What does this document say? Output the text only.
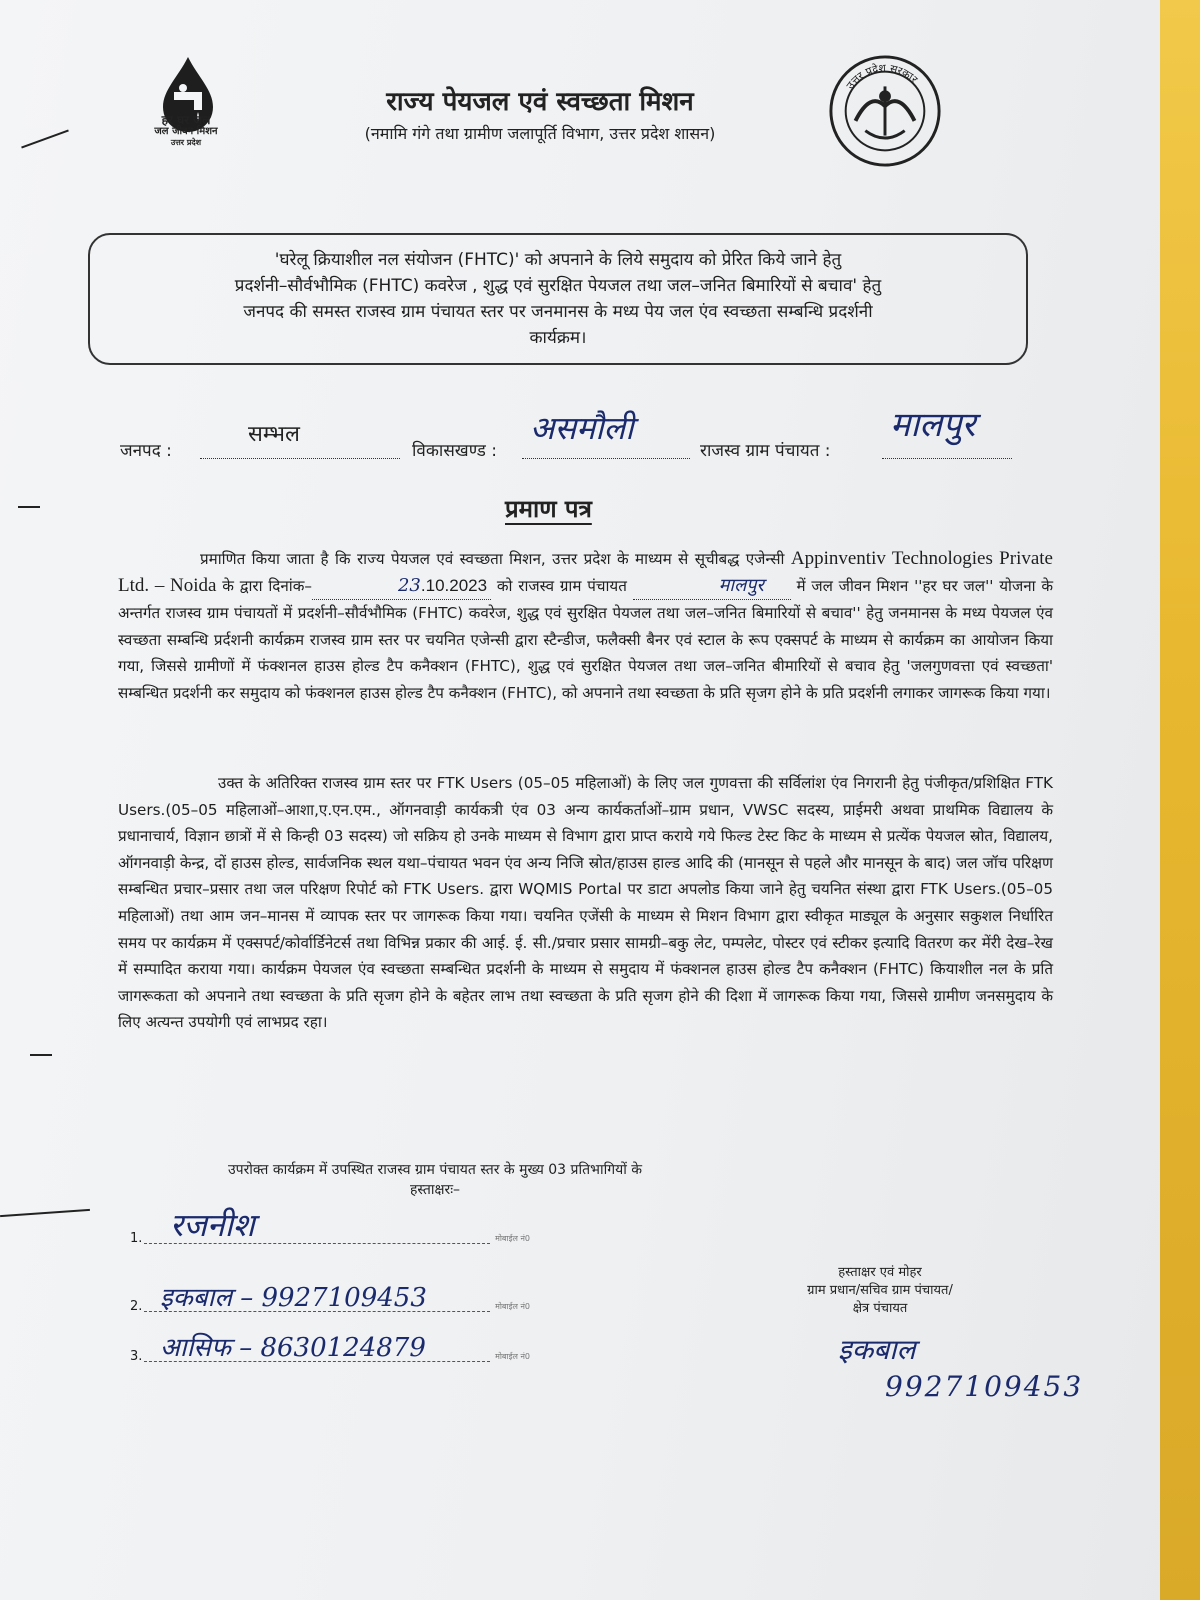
हर घर जल
जल जीवन मिशन
उत्तर प्रदेश
राज्य पेयजल एवं स्वच्छता मिशन
(नमामि गंगे तथा ग्रामीण जलापूर्ति विभाग, उत्तर प्रदेश शासन)
उत्तर प्रदेश सरकार
'घरेलू क्रियाशील नल संयोजन (FHTC)' को अपनाने के लिये समुदाय को प्रेरित किये जाने हेतु
प्रदर्शनी–सौर्वभौमिक (FHTC) कवरेज , शुद्ध एवं सुरक्षित पेयजल तथा जल–जनित बिमारियों से बचाव' हेतु
जनपद की समस्त राजस्व ग्राम पंचायत स्तर पर जनमानस के मध्य पेय जल एंव स्वच्छता सम्बन्धि प्रदर्शनी
कार्यक्रम।
जनपद :
सम्भल
विकासखण्ड :
असमौली
राजस्व ग्राम पंचायत :
मालपुर
प्रमाण पत्र
प्रमाणित किया जाता है कि राज्य पेयजल एवं स्वच्छता मिशन, उत्तर प्रदेश के माध्यम से सूचीबद्ध एजेन्सी Appinventiv Technologies Private Ltd. – Noida के द्वारा दिनांक–	23.10.2023 को राजस्व ग्राम पंचायत	मालपुर में जल जीवन मिशन ''हर घर जल'' योजना के अन्तर्गत राजस्व ग्राम पंचायतों में प्रदर्शनी–सौर्वभौमिक (FHTC) कवरेज, शुद्ध एवं सुरक्षित पेयजल तथा जल–जनित बिमारियों से बचाव'' हेतु जनमानस के मध्य पेयजल एंव स्वच्छता सम्बन्धि प्रर्दशनी कार्यक्रम राजस्व ग्राम स्तर पर चयनित एजेन्सी द्वारा स्टैन्डीज, फलैक्सी बैनर एवं स्टाल के रूप एक्सपर्ट के माध्यम से कार्यक्रम का आयोजन किया गया, जिससे ग्रामीणों में फंक्शनल हाउस होल्ड टैप कनैक्शन (FHTC), शुद्ध एवं सुरक्षित पेयजल तथा जल–जनित बीमारियों से बचाव हेतु 'जलगुणवत्ता एवं स्वच्छता' सम्बन्धित प्रदर्शनी कर समुदाय को फंक्शनल हाउस होल्ड टैप कनैक्शन (FHTC), को अपनाने तथा स्वच्छता के प्रति सृजग होने के प्रति प्रदर्शनी लगाकर जागरूक किया गया।
उक्त के अतिरिक्त राजस्व ग्राम स्तर पर FTK Users (05–05 महिलाओं) के लिए जल गुणवत्ता की सर्विलांश एंव निगरानी हेतु पंजीकृत/प्रशिक्षित FTK Users.(05–05 महिलाओं–आशा,ए.एन.एम., ऑगनवाड़ी कार्यकत्री एंव 03 अन्य कार्यकर्ताओं–ग्राम प्रधान, VWSC सदस्य, प्राईमरी अथवा प्राथमिक विद्यालय के प्रधानाचार्य, विज्ञान छात्रों में से किन्ही 03 सदस्य) जो सक्रिय हो उनके माध्यम से विभाग द्वारा प्राप्त कराये गये फिल्ड टेस्ट किट के माध्यम से प्रत्येंक पेयजल स्रोत, विद्यालय, ऑगनवाड़ी केन्द्र, दों हाउस होल्ड, सार्वजनिक स्थल यथा–पंचायत भवन एंव अन्य निजि स्रोत/हाउस हाल्ड आदि की (मानसून से पहले और मानसून के बाद) जल जॉच परिक्षण सम्बन्धित प्रचार–प्रसार तथा जल परिक्षण रिपोर्ट को FTK Users. द्वारा WQMIS Portal पर डाटा अपलोड किया जाने हेतु चयनित संस्था द्वारा FTK Users.(05–05 महिलाओं) तथा आम जन–मानस में व्यापक स्तर पर जागरूक किया गया। चयनित एजेंसी के माध्यम से मिशन विभाग द्वारा स्वीकृत माड्यूल के अनुसार सकुशल निर्धारित समय पर कार्यक्रम में एक्सपर्ट/कोर्वार्डिनेटर्स तथा विभिन्न प्रकार की आई. ई. सी./प्रचार प्रसार सामग्री–बकु लेट, पम्पलेट, पोस्टर एवं स्टीकर इत्यादि वितरण कर मेंरी देख–रेख में सम्पादित कराया गया। कार्यक्रम पेयजल एंव स्वच्छता सम्बन्धित प्रदर्शनी के माध्यम से समुदाय में फंक्शनल हाउस होल्ड टैप कनैक्शन (FHTC) कियाशील नल के प्रति जागरूकता को अपनाने तथा स्वच्छता के प्रति सृजग होने के बहेतर लाभ तथा स्वच्छता के प्रति सृजग होने की दिशा में जागरूक किया गया, जिससे ग्रामीण जनसमुदाय के लिए अत्यन्त उपयोगी एवं लाभप्रद रहा।
उपरोक्त कार्यक्रम में उपस्थित राजस्व ग्राम पंचायत स्तर के मुख्य 03 प्रतिभागियों के
हस्ताक्षरः–
1. रजनीश	मोबाईल नं0
2. इकबाल – 9927109453	मोबाईल नं0
3. आसिफ – 8630124879	मोबाईल नं0
हस्ताक्षर एवं मोहर
ग्राम प्रधान/सचिव ग्राम पंचायत/
क्षेत्र पंचायत
इकबाल
9927109453
